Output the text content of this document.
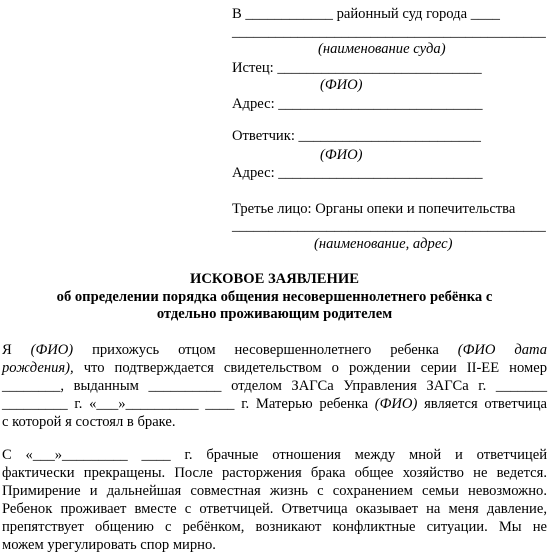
В ____________ районный суд города ____
___________________________________________
(наименование суда)
Истец: ____________________________
(ФИО)
Адрес: ____________________________
Ответчик: _________________________
(ФИО)
Адрес: ____________________________
Третье лицо: Органы опеки и попечительства
___________________________________________
(наименование, адрес)
ИСКОВОЕ ЗАЯВЛЕНИЕ
об определении порядка общения несовершеннолетнего ребёнка с
отдельно проживающим родителем
Я (ФИО) прихожусь отцом несовершеннолетнего ребенка (ФИО дата
рождения), что подтверждается свидетельством о рождении серии II-ЕЕ номер
________, выданным __________ отделом ЗАГСа Управления ЗАГСа г. _______
_________ г. «___»__________ ____ г. Матерью ребенка (ФИО) является ответчица
с которой я состоял в браке.
С «___»_________ ____ г. брачные отношения между мной и ответчицей
фактически прекращены. После расторжения брака общее хозяйство не ведется.
Примирение и дальнейшая совместная жизнь с сохранением семьи невозможно.
Ребенок проживает вместе с ответчицей. Ответчица оказывает на меня давление,
препятствует общению с ребёнком, возникают конфликтные ситуации. Мы не
можем урегулировать спор мирно.
